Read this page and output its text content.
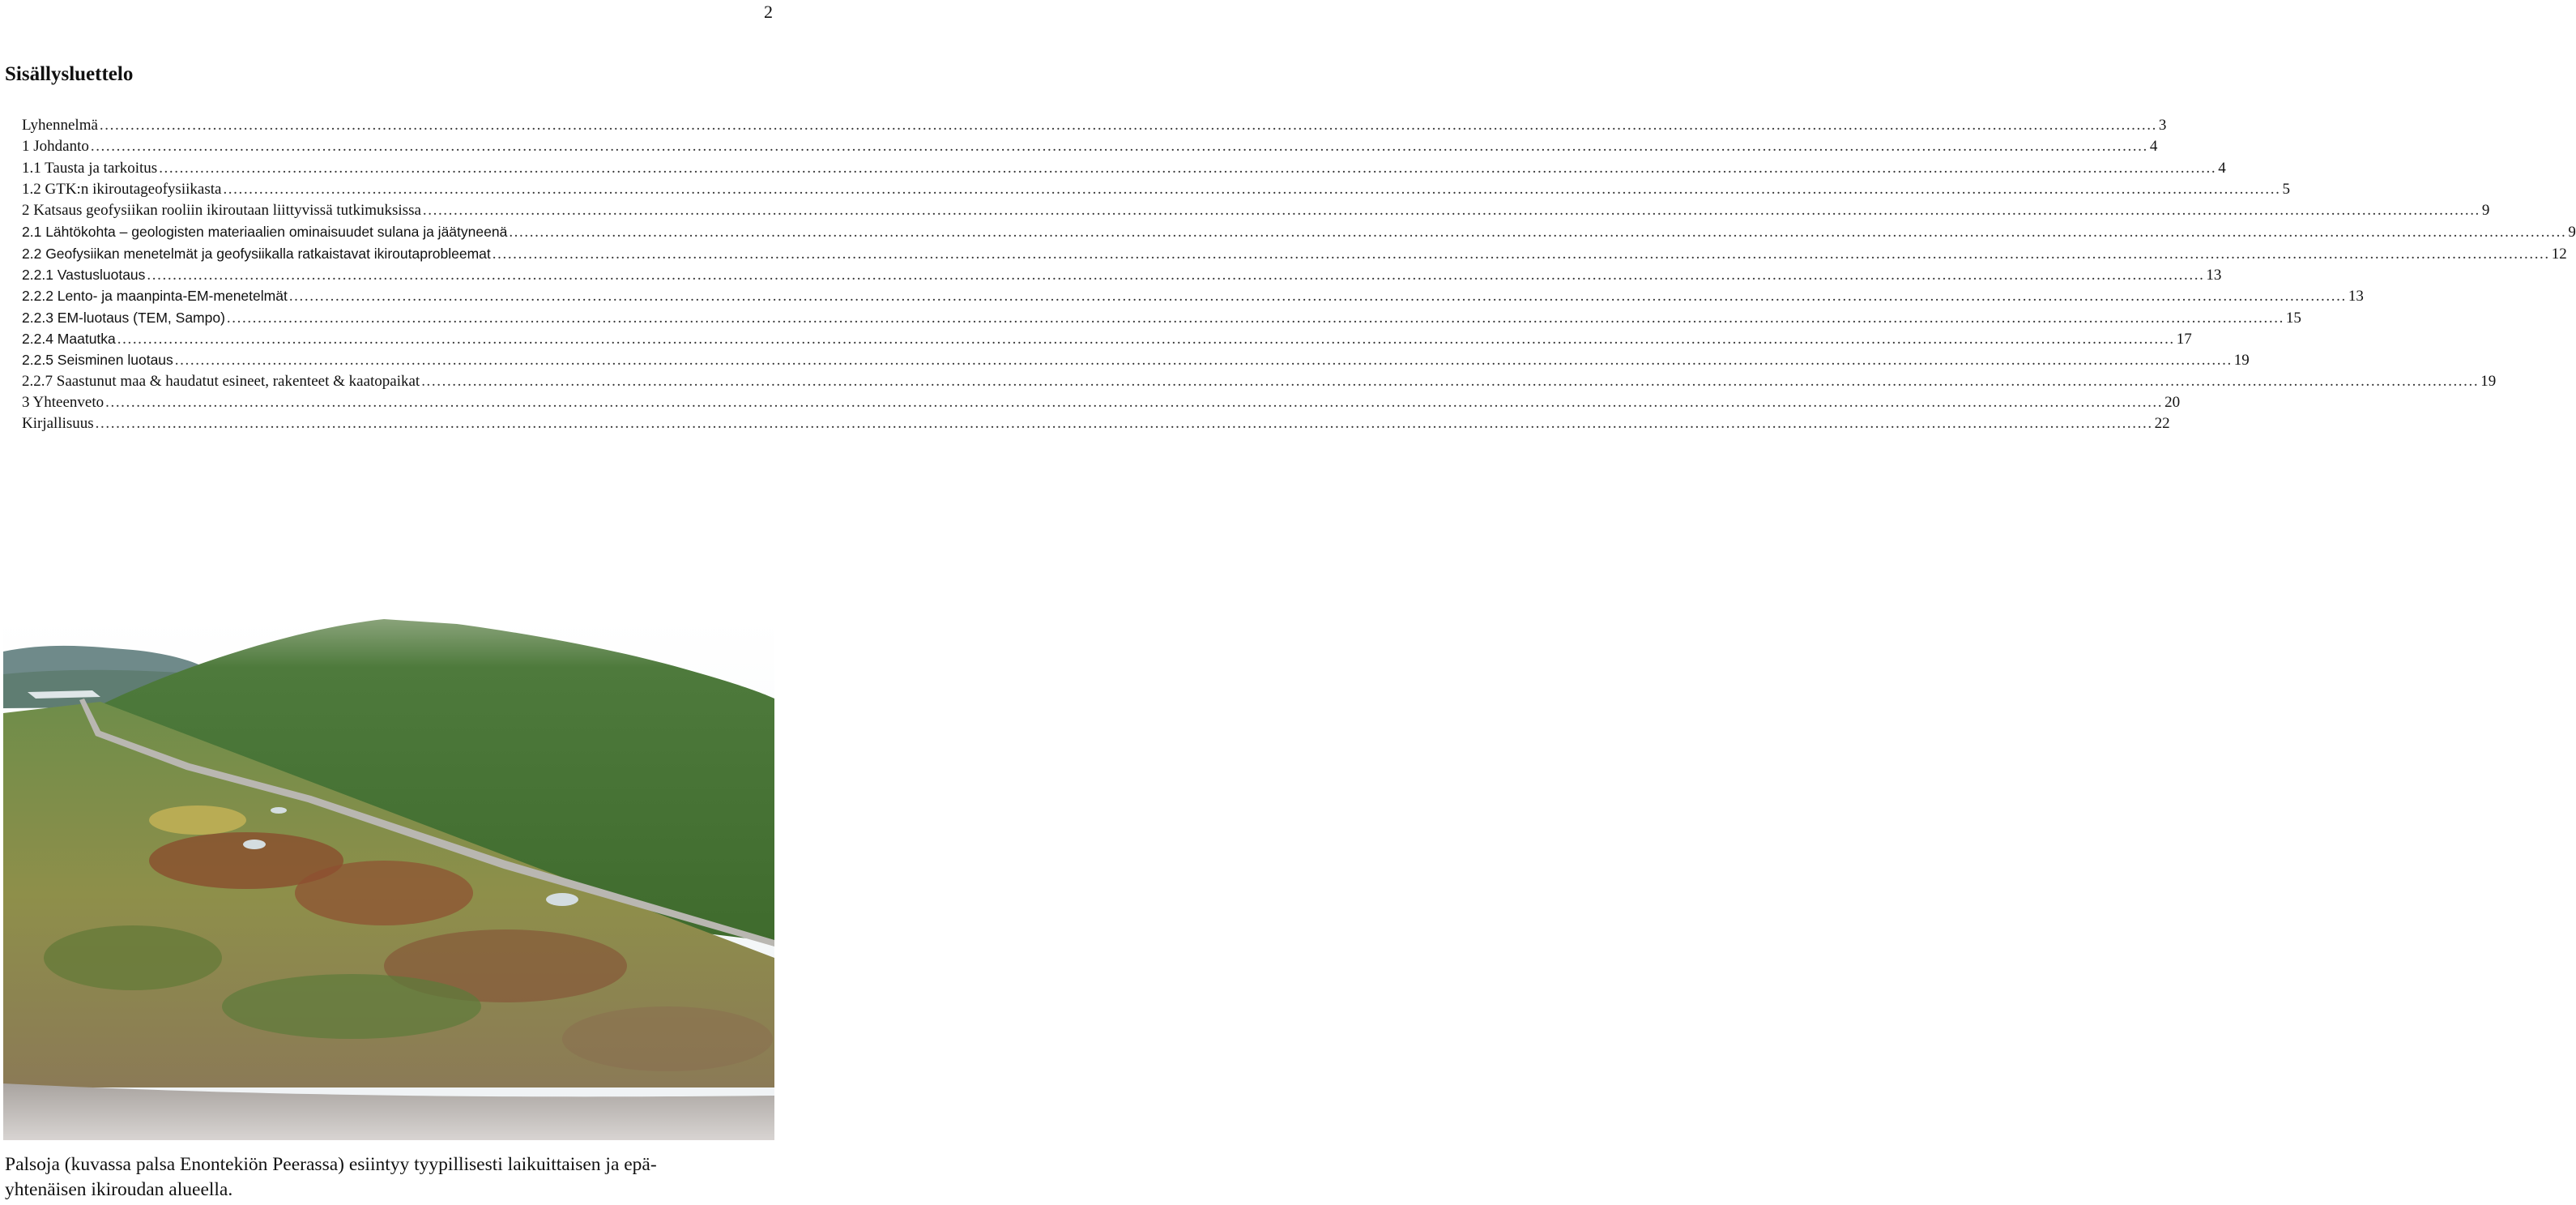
2
Sisällysluettelo
Lyhennelmä ................................................................................................................................................................................................................................................................................................................................................................................................................ 3
1 Johdanto ................................................................................................................................................................................................................................................................................................................................................................................................................ 4
1.1 Tausta ja tarkoitus ................................................................................................................................................................................................................................................................................................................................................................................................................ 4
1.2 GTK:n ikiroutageofysiikasta ................................................................................................................................................................................................................................................................................................................................................................................................................ 5
2 Katsaus geofysiikan rooliin ikiroutaan liittyvissä tutkimuksissa ................................................................................................................................................................................................................................................................................................................................................................................................................ 9
2.1 Lähtökohta – geologisten materiaalien ominaisuudet sulana ja jäätyneenä ................................................................................................................................................................................................................................................................................................................................................................................................................ 9
2.2 Geofysiikan menetelmät ja geofysiikalla ratkaistavat ikiroutaprobleemat ................................................................................................................................................................................................................................................................................................................................................................................................................ 12
2.2.1 Vastusluotaus ................................................................................................................................................................................................................................................................................................................................................................................................................ 13
2.2.2 Lento- ja maanpinta-EM-menetelmät ................................................................................................................................................................................................................................................................................................................................................................................................................ 13
2.2.3 EM-luotaus (TEM, Sampo) ................................................................................................................................................................................................................................................................................................................................................................................................................ 15
2.2.4 Maatutka ................................................................................................................................................................................................................................................................................................................................................................................................................ 17
2.2.5 Seisminen luotaus ................................................................................................................................................................................................................................................................................................................................................................................................................ 19
2.2.7 Saastunut maa & haudatut esineet, rakenteet & kaatopaikat ................................................................................................................................................................................................................................................................................................................................................................................................................ 19
3 Yhteenveto ................................................................................................................................................................................................................................................................................................................................................................................................................ 20
Kirjallisuus ................................................................................................................................................................................................................................................................................................................................................................................................................ 22

Palsoja (kuvassa palsa Enontekiön Peerassa) esiintyy tyypillisesti laikuittaisen ja epä-
yhtenäisen ikiroudan alueella.
